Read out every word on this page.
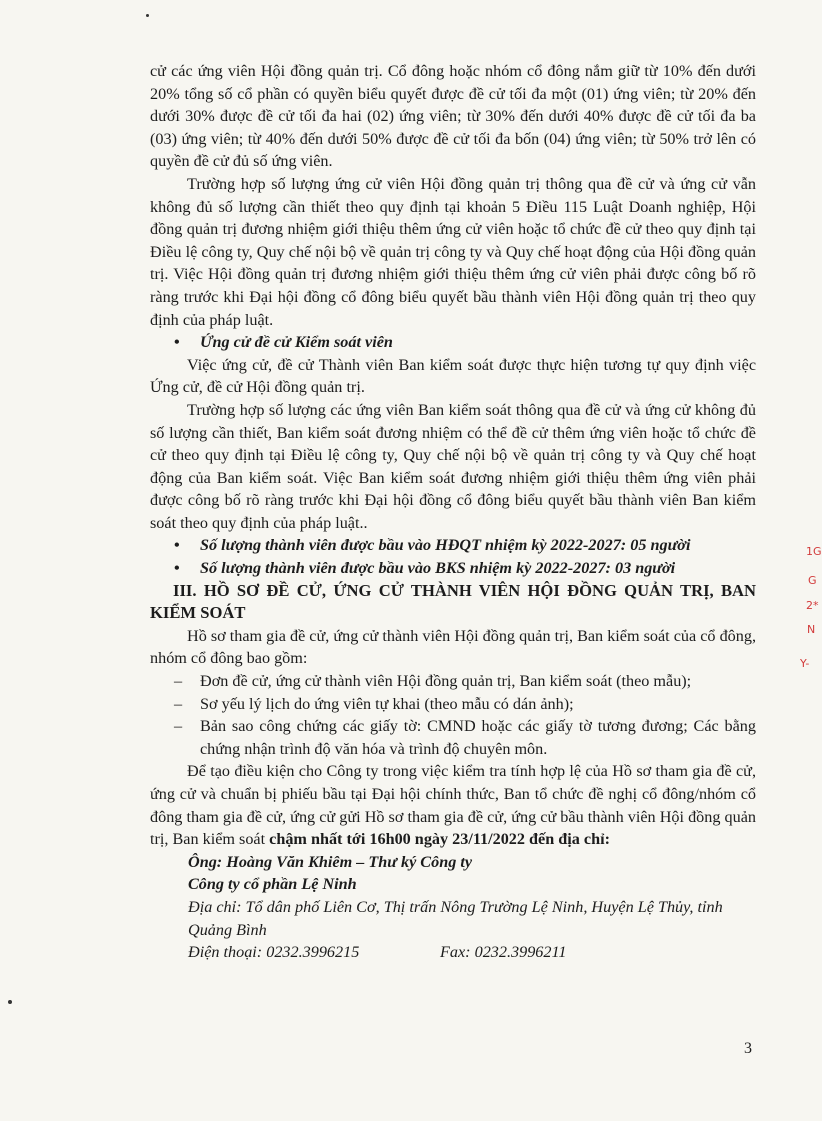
1G
G
2*
N
Y-

cử các ứng viên Hội đồng quản trị. Cổ đông hoặc nhóm cổ đông nắm giữ từ 10% đến dưới 20% tổng số cổ phần có quyền biểu quyết được đề cử tối đa một (01) ứng viên; từ 20% đến dưới 30% được đề cử tối đa hai (02) ứng viên; từ 30% đến dưới 40% được đề cử tối đa ba (03) ứng viên; từ 40% đến dưới 50% được đề cử tối đa bốn (04) ứng viên; từ 50% trở lên có quyền đề cử đủ số ứng viên.

Trường hợp số lượng ứng cử viên Hội đồng quản trị thông qua đề cử và ứng cử vẫn không đủ số lượng cần thiết theo quy định tại khoản 5 Điều 115 Luật Doanh nghiệp, Hội đồng quản trị đương nhiệm giới thiệu thêm ứng cử viên hoặc tổ chức đề cử theo quy định tại Điều lệ công ty, Quy chế nội bộ về quản trị công ty và Quy chế hoạt động của Hội đồng quản trị. Việc Hội đồng quản trị đương nhiệm giới thiệu thêm ứng cử viên phải được công bố rõ ràng trước khi Đại hội đồng cổ đông biểu quyết bầu thành viên Hội đồng quản trị theo quy định của pháp luật.

• Ứng cử đề cử Kiểm soát viên

Việc ứng cử, đề cử Thành viên Ban kiểm soát được thực hiện tương tự quy định việc Ứng cử, đề cử Hội đồng quản trị.

Trường hợp số lượng các ứng viên Ban kiểm soát thông qua đề cử và ứng cử không đủ số lượng cần thiết, Ban kiểm soát đương nhiệm có thể đề cử thêm ứng viên hoặc tổ chức đề cử theo quy định tại Điều lệ công ty, Quy chế nội bộ về quản trị công ty và Quy chế hoạt động của Ban kiểm soát. Việc Ban kiểm soát đương nhiệm giới thiệu thêm ứng viên phải được công bố rõ ràng trước khi Đại hội đồng cổ đông biểu quyết bầu thành viên Ban kiểm soát theo quy định của pháp luật..

• Số lượng thành viên được bầu vào HĐQT nhiệm kỳ 2022-2027: 05 người
• Số lượng thành viên được bầu vào BKS nhiệm kỳ 2022-2027: 03 người

III. HỒ SƠ ĐỀ CỬ, ỨNG CỬ THÀNH VIÊN HỘI ĐỒNG QUẢN TRỊ, BAN KIỂM SOÁT

Hồ sơ tham gia đề cử, ứng cử thành viên Hội đồng quản trị, Ban kiểm soát của cổ đông, nhóm cổ đông bao gồm:

– Đơn đề cử, ứng cử thành viên Hội đồng quản trị, Ban kiểm soát (theo mẫu);
– Sơ yếu lý lịch do ứng viên tự khai (theo mẫu có dán ảnh);
– Bản sao công chứng các giấy tờ: CMND hoặc các giấy tờ tương đương; Các bằng chứng nhận trình độ văn hóa và trình độ chuyên môn.

Để tạo điều kiện cho Công ty trong việc kiểm tra tính hợp lệ của Hồ sơ tham gia đề cử, ứng cử và chuẩn bị phiếu bầu tại Đại hội chính thức, Ban tổ chức đề nghị cổ đông/nhóm cổ đông tham gia đề cử, ứng cử gửi Hồ sơ tham gia đề cử, ứng cử bầu thành viên Hội đồng quản trị, Ban kiểm soát chậm nhất tới 16h00 ngày 23/11/2022 đến địa chỉ:

Ông: Hoàng Văn Khiêm – Thư ký Công ty
Công ty cổ phần Lệ Ninh
Địa chỉ: Tổ dân phố Liên Cơ, Thị trấn Nông Trường Lệ Ninh, Huyện Lệ Thủy, tỉnh Quảng Bình
Điện thoại: 0232.3996215	Fax: 0232.3996211
3
